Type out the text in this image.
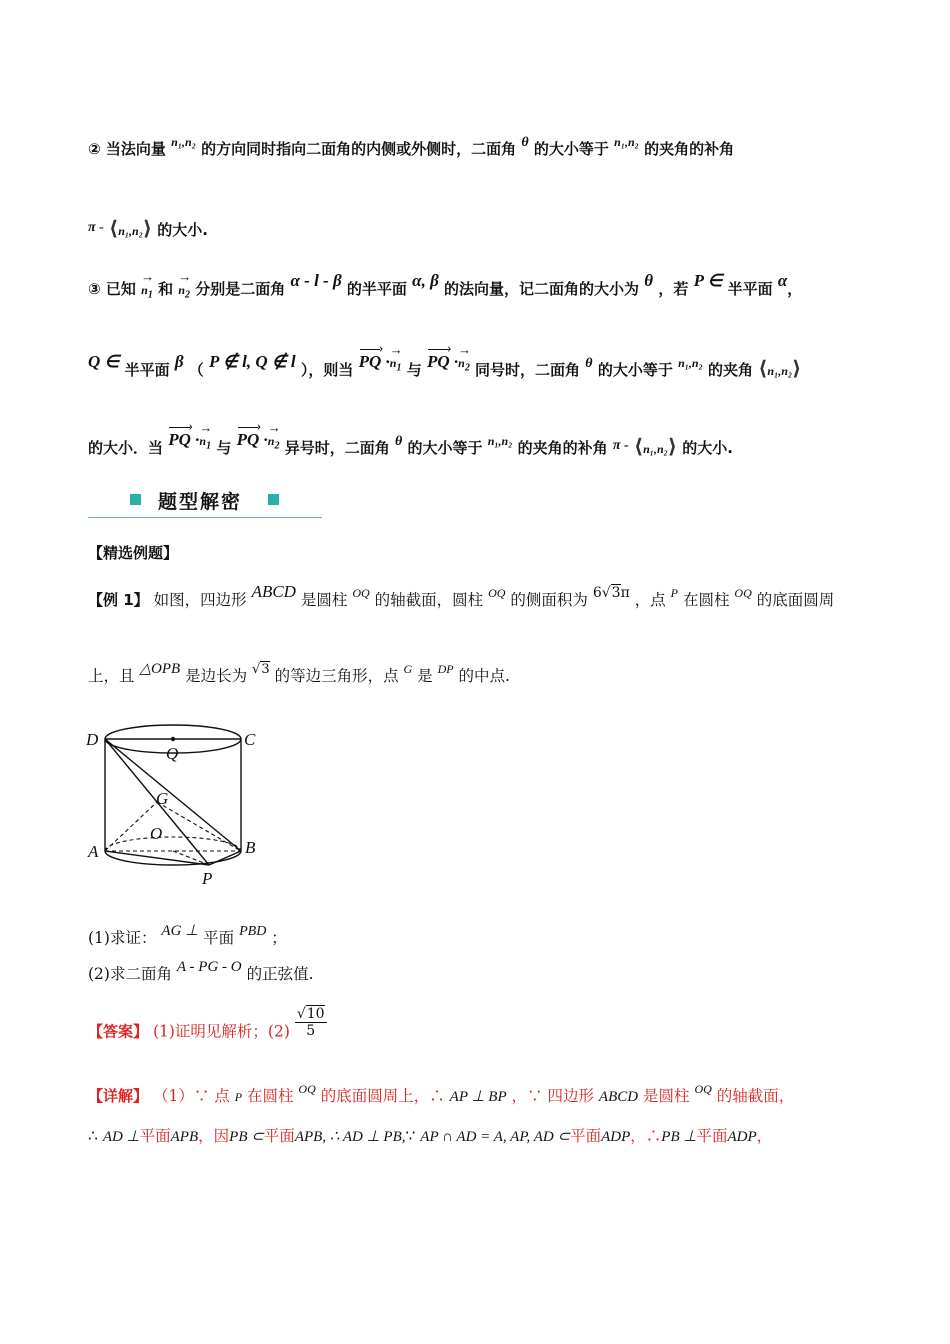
② 当法向量 $^{n_1,n_2}$ 的方向同时指向二面角的内侧或外侧时，二面角 θ 的大小等于 $^{n_1,n_2}$ 的夹角的补角
π - ⟨n₁,n₂⟩ 的大小.
③ 已知 → $n_1$ 和 → $n_2$ 分别是二面角 α - l - β 的半平面 α, β 的法向量，记二面角的大小为 θ ，若 P ∈ 半平面 α，
Q ∈ 半平面 β （ P ∉ l, Q ∉ l ），则当 PQ › ·→ $n_1$ 与 PQ › ·→ $n_2$ 同号时，二面角 θ 的大小等于 $^{n_1,n_2}$ 的夹角 ⟨n₁,n₂⟩
的大小．当 PQ › ·→ $n_1$ 与 PQ › ·→ $n_2$ 异号时，二面角 θ 的大小等于 $^{n_1,n_2}$ 的夹角的补角 π - ⟨n₁,n₂⟩ 的大小.
题型解密
【精选例题】
【例 1】 如图，四边形 ABCD 是圆柱 $^{OQ}$ 的轴截面，圆柱 $^{OQ}$ 的侧面积为 6√3π ，点 $^P$ 在圆柱 $^{OQ}$ 的底面圆周
上，且 △OPB 是边长为 $^{√3}$ 的等边三角形，点 $^G$ 是 $^{DP}$ 的中点.
D	C
Q
G
O
A	B
P
(1)求证： AG ⊥ 平面 PBD ；
(2)求二面角 A - PG - O 的正弦值.
【答案】 (1)证明见解析；$(2) \frac{√10}{5}$
【详解】 （1）∵ 点 P 在圆柱 $^{OQ}$ 的底面圆周上，∴ AP ⊥ BP ，∵ 四边形 ABCD 是圆柱 $^{OQ}$ 的轴截面，
∴ AD ⊥平面APB，因PB ⊂平面APB, ∴ AD ⊥ PB,∵ AP ∩ AD = A, AP, AD ⊂平面ADP，∴PB ⊥平面ADP，
